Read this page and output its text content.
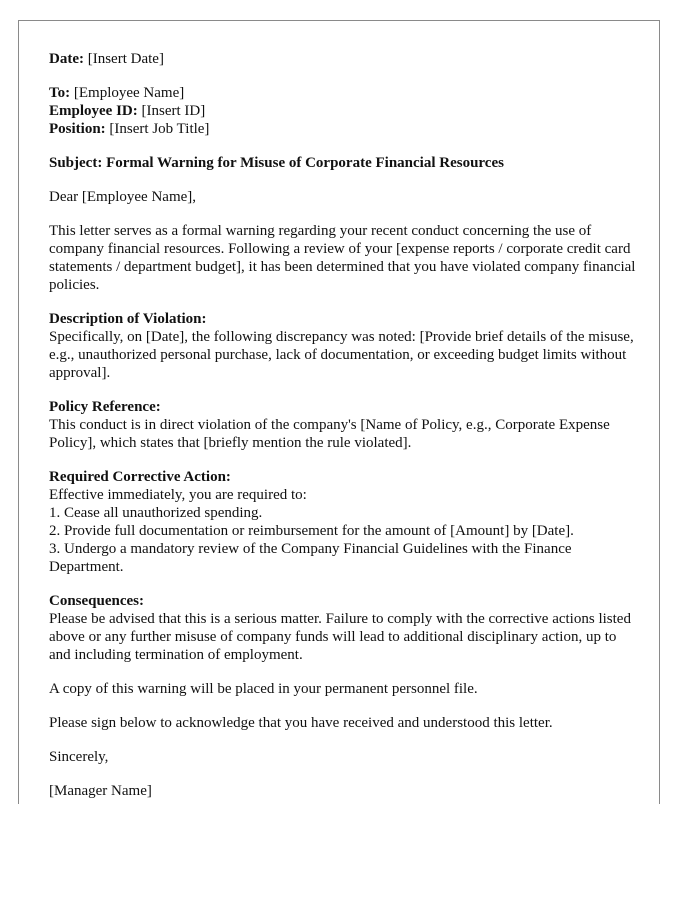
Date: [Insert Date]

To: [Employee Name]
Employee ID: [Insert ID]
Position: [Insert Job Title]

Subject: Formal Warning for Misuse of Corporate Financial Resources

Dear [Employee Name],

This letter serves as a formal warning regarding your recent conduct concerning the use of company financial resources. Following a review of your [expense reports / corporate credit card statements / department budget], it has been determined that you have violated company financial policies.

Description of Violation:
Specifically, on [Date], the following discrepancy was noted: [Provide brief details of the misuse, e.g., unauthorized personal purchase, lack of documentation, or exceeding budget limits without approval].

Policy Reference:
This conduct is in direct violation of the company's [Name of Policy, e.g., Corporate Expense Policy], which states that [briefly mention the rule violated].

Required Corrective Action:
Effective immediately, you are required to:
1. Cease all unauthorized spending.
2. Provide full documentation or reimbursement for the amount of [Amount] by [Date].
3. Undergo a mandatory review of the Company Financial Guidelines with the Finance Department.

Consequences:
Please be advised that this is a serious matter. Failure to comply with the corrective actions listed above or any further misuse of company funds will lead to additional disciplinary action, up to and including termination of employment.

A copy of this warning will be placed in your permanent personnel file.

Please sign below to acknowledge that you have received and understood this letter.

Sincerely,

[Manager Name]
